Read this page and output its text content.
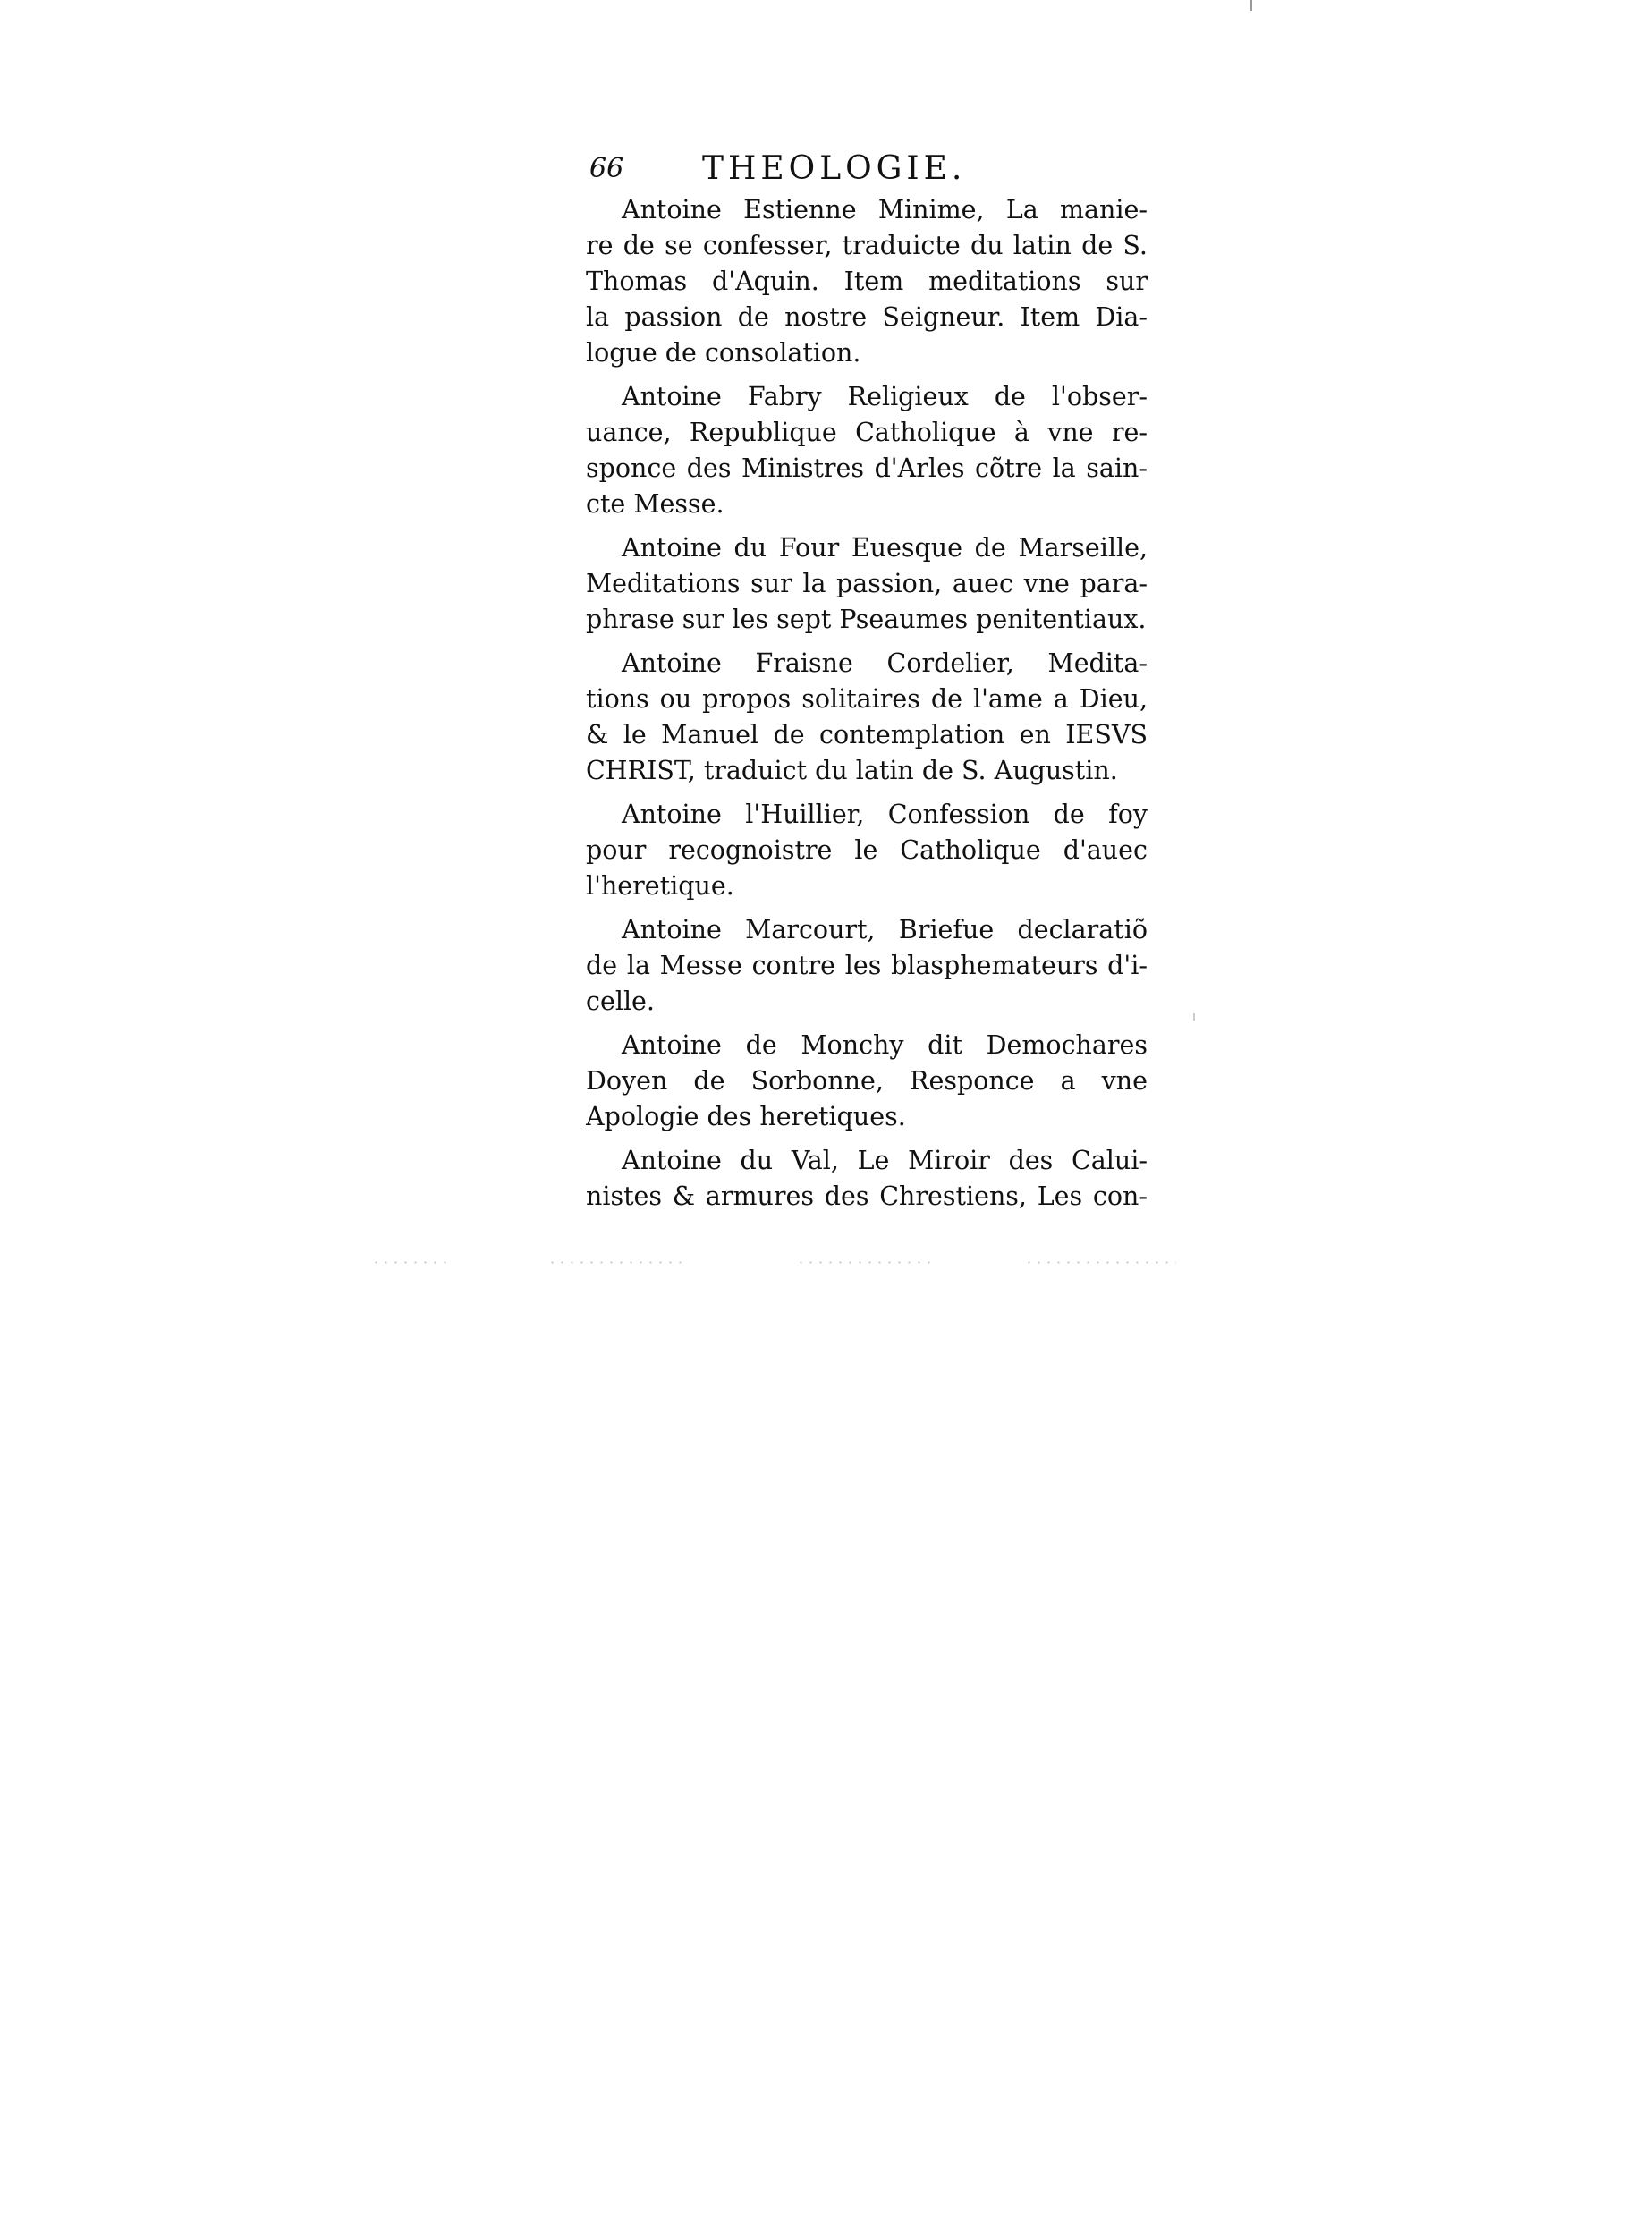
66 THEOLOGIE.
Antoine Estienne Minime, La manie-
re de se confesser, traduicte du latin de S.
Thomas d'Aquin. Item meditations sur
la passion de nostre Seigneur. Item Dia-
logue de consolation.
Antoine Fabry Religieux de l'obser-
uance, Republique Catholique à vne re-
sponce des Ministres d'Arles cõtre la sain-
cte Messe.
Antoine du Four Euesque de Marseille,
Meditations sur la passion, auec vne para-
phrase sur les sept Pseaumes penitentiaux.
Antoine Fraisne Cordelier, Medita-
tions ou propos solitaires de l'ame a Dieu,
& le Manuel de contemplation en IESVS
CHRIST, traduict du latin de S. Augustin.
Antoine l'Huillier, Confession de foy
pour recognoistre le Catholique d'auec
l'heretique.
Antoine Marcourt, Briefue declaratiõ
de la Messe contre les blasphemateurs d'i-
celle.
Antoine de Monchy dit Demochares
Doyen de Sorbonne, Responce a vne
Apologie des heretiques.
Antoine du Val, Le Miroir des Calui-
nistes & armures des Chrestiens, Les con-
